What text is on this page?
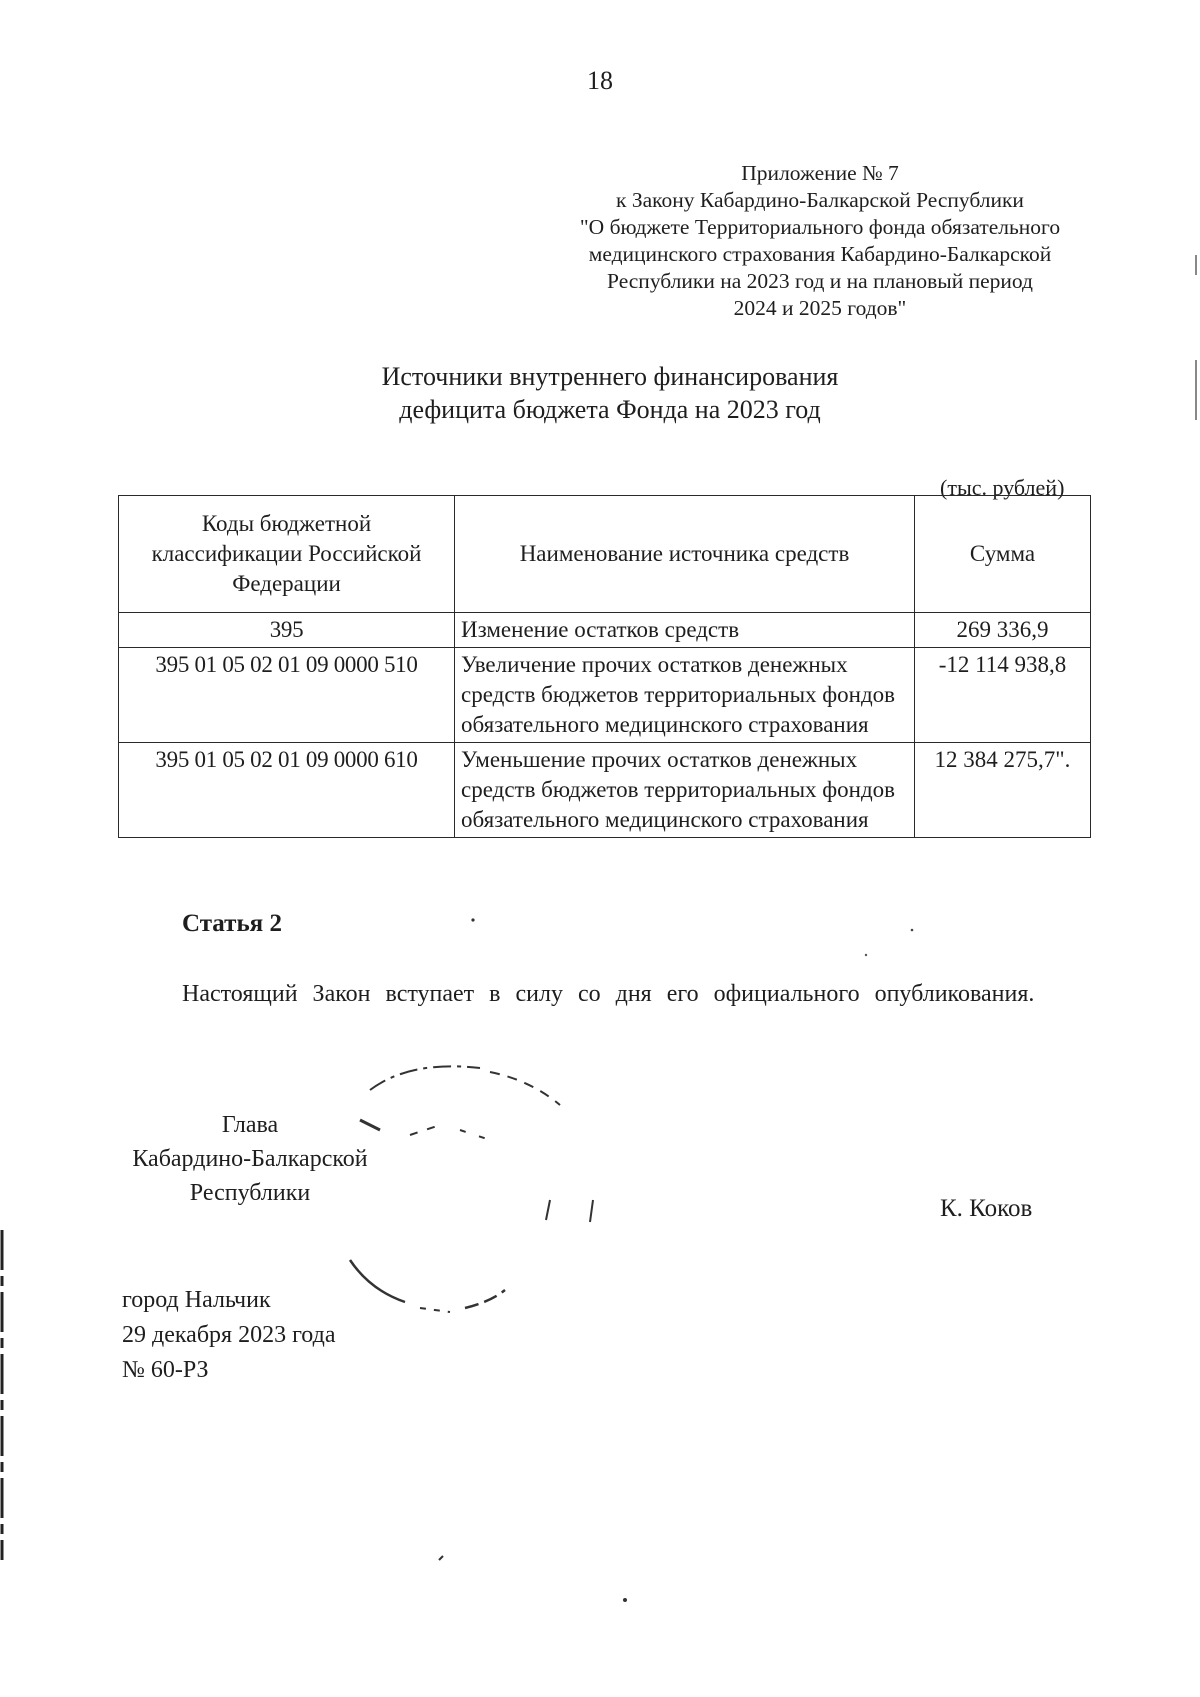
18
Приложение № 7
к Закону Кабардино-Балкарской Республики
"О бюджете Территориального фонда обязательного
медицинского страхования Кабардино-Балкарской
Республики на 2023 год и на плановый период
2024 и 2025 годов"
Источники внутреннего финансирования
дефицита бюджета Фонда на 2023 год
(тыс. рублей)
Коды бюджетной классификации Российской Федерации	Наименование источника средств	Сумма
395	Изменение остатков средств	269 336,9
395 01 05 02 01 09 0000 510	Увеличение прочих остатков денежных средств бюджетов территориальных фондов обязательного медицинского страхования	-12 114 938,8
395 01 05 02 01 09 0000 610	Уменьшение прочих остатков денежных средств бюджетов территориальных фондов обязательного медицинского страхования	12 384 275,7".
Статья 2
Настоящий Закон вступает в силу со дня его официального опубликования.
Глава
Кабардино-Балкарской
Республики
К. Коков
город Нальчик
29 декабря 2023 года
№ 60-РЗ
